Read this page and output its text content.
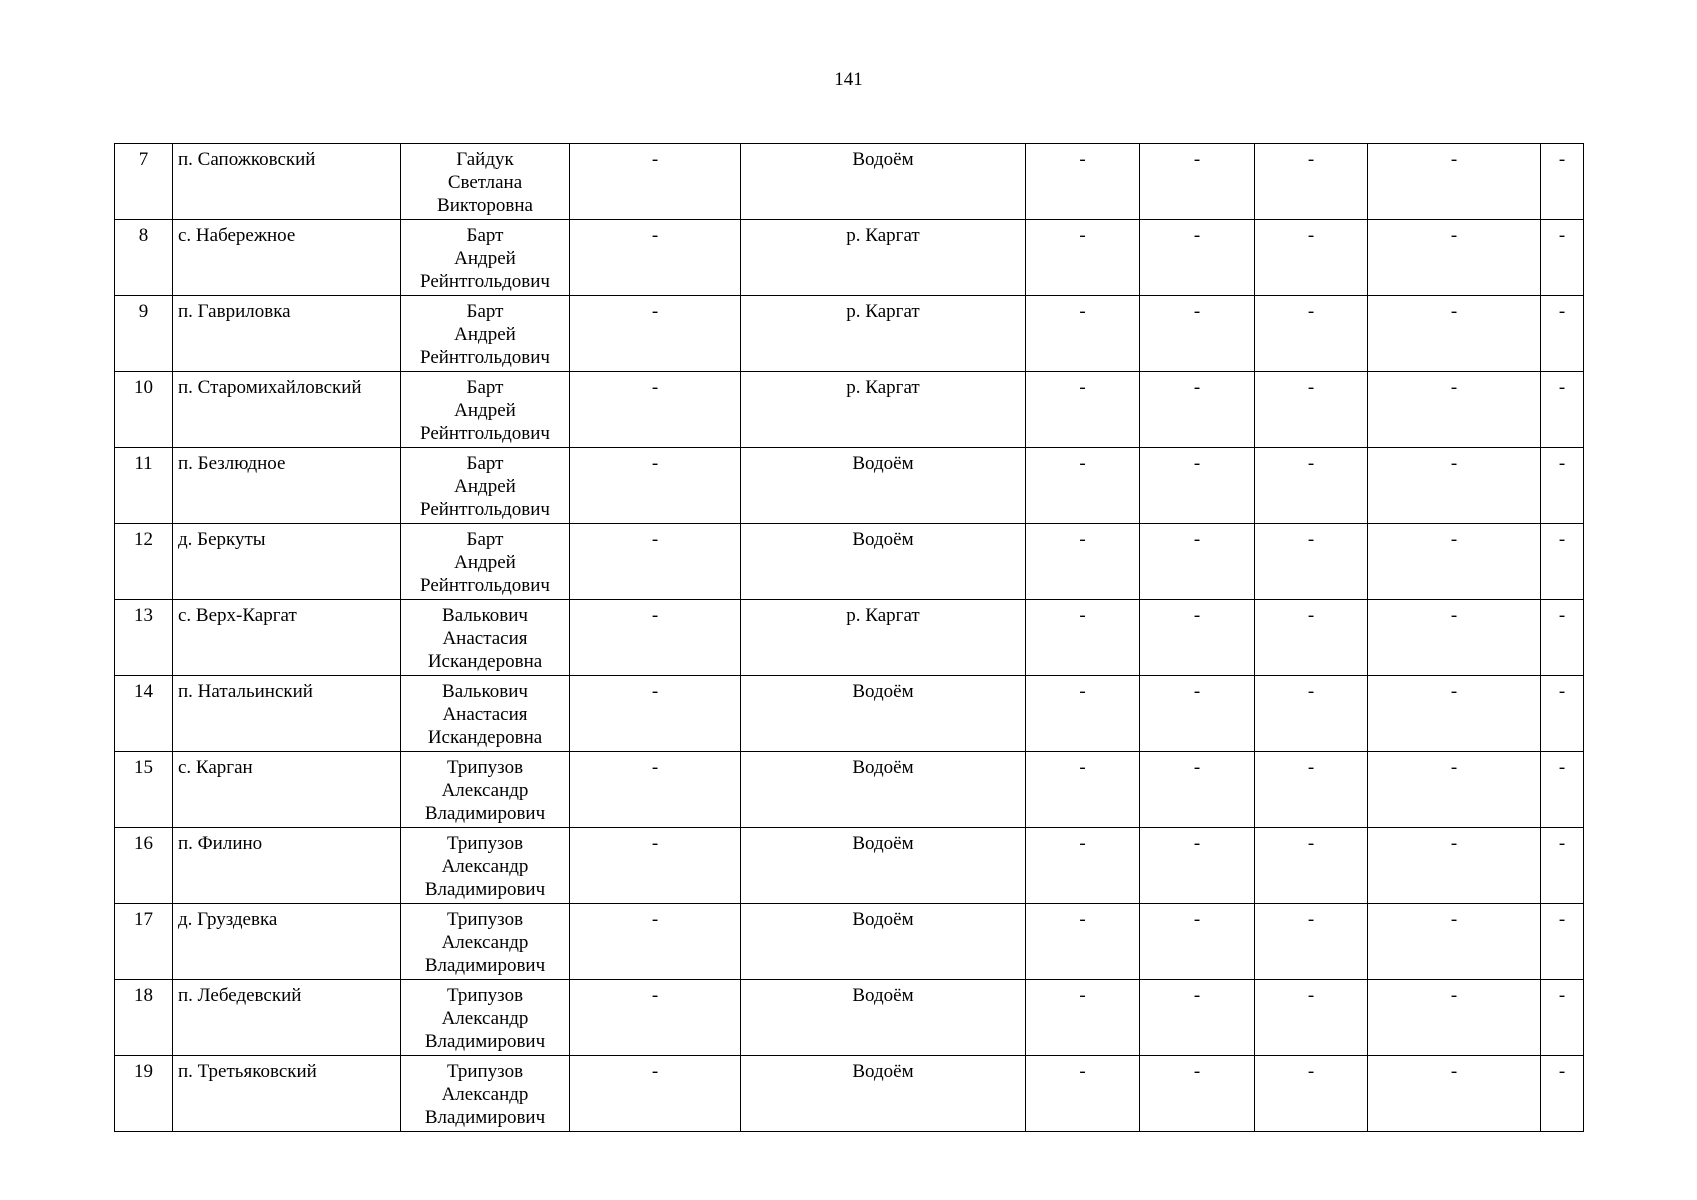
141
7	п. Сапожковский	Гайдук
Светлана
Викторовна	-	Водоём	-	-	-	-	-
8	с. Набережное	Барт
Андрей
Рейнтгольдович	-	р. Каргат	-	-	-	-	-
9	п. Гавриловка	Барт
Андрей
Рейнтгольдович	-	р. Каргат	-	-	-	-	-
10	п. Старомихайловский	Барт
Андрей
Рейнтгольдович	-	р. Каргат	-	-	-	-	-
11	п. Безлюдное	Барт
Андрей
Рейнтгольдович	-	Водоём	-	-	-	-	-
12	д. Беркуты	Барт
Андрей
Рейнтгольдович	-	Водоём	-	-	-	-	-
13	с. Верх-Каргат	Валькович
Анастасия
Искандеровна	-	р. Каргат	-	-	-	-	-
14	п. Натальинский	Валькович
Анастасия
Искандеровна	-	Водоём	-	-	-	-	-
15	с. Карган	Трипузов
Александр
Владимирович	-	Водоём	-	-	-	-	-
16	п. Филино	Трипузов
Александр
Владимирович	-	Водоём	-	-	-	-	-
17	д. Груздевка	Трипузов
Александр
Владимирович	-	Водоём	-	-	-	-	-
18	п. Лебедевский	Трипузов
Александр
Владимирович	-	Водоём	-	-	-	-	-
19	п. Третьяковский	Трипузов
Александр
Владимирович	-	Водоём	-	-	-	-	-
